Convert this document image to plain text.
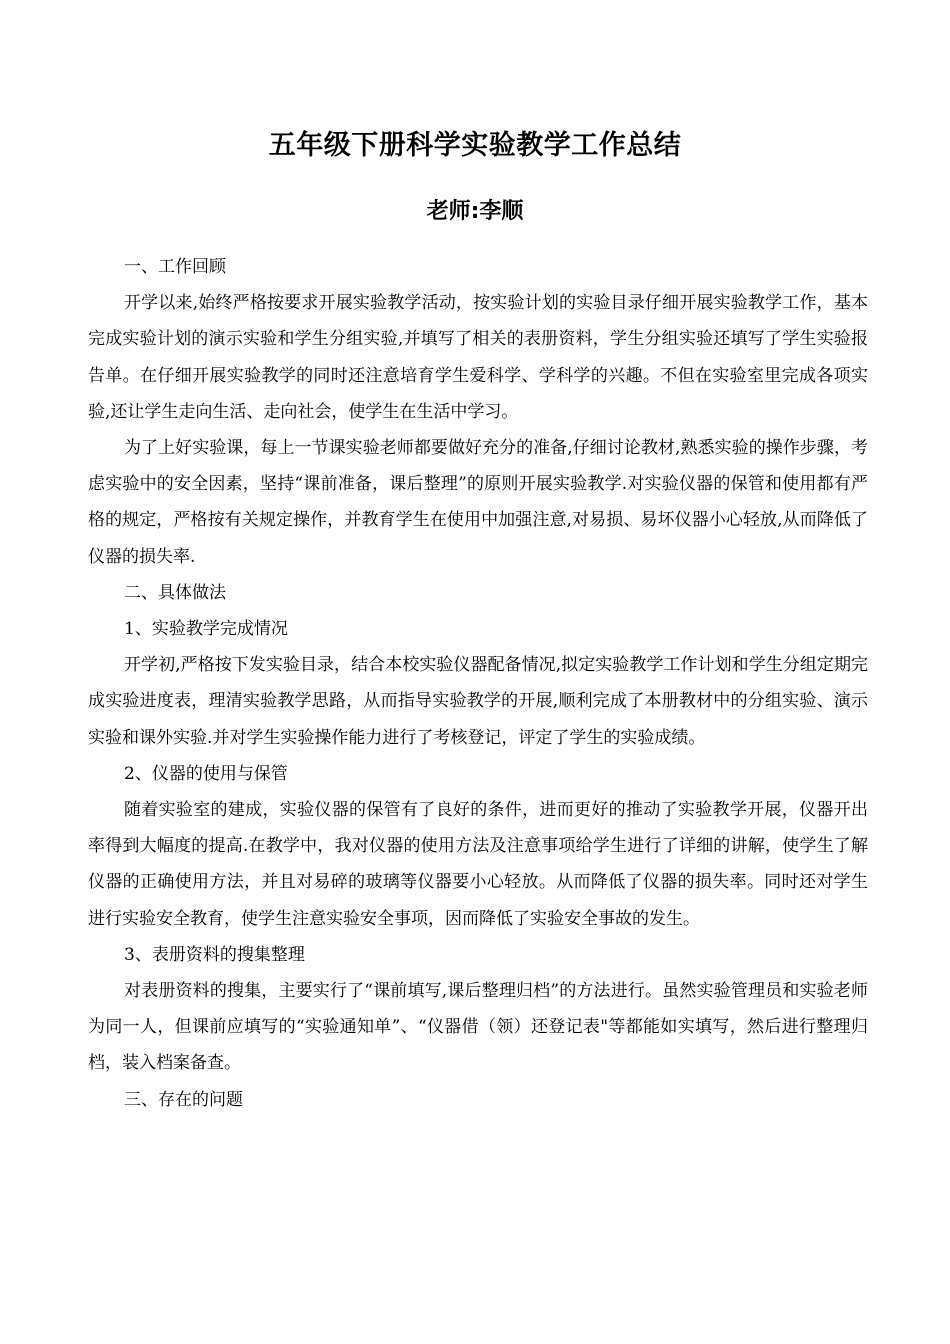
五年级下册科学实验教学工作总结
老师:李顺

一、工作回顾

开学以来,始终严格按要求开展实验教学活动，按实验计划的实验目录仔细开展实验教学工作，基本完成实验计划的演示实验和学生分组实验,并填写了相关的表册资料，学生分组实验还填写了学生实验报告单。在仔细开展实验教学的同时还注意培育学生爱科学、学科学的兴趣。不但在实验室里完成各项实验,还让学生走向生活、走向社会，使学生在生活中学习。

为了上好实验课，每上一节课实验老师都要做好充分的准备,仔细讨论教材,熟悉实验的操作步骤，考虑实验中的安全因素，坚持“课前准备，课后整理”的原则开展实验教学.对实验仪器的保管和使用都有严格的规定，严格按有关规定操作，并教育学生在使用中加强注意,对易损、易坏仪器小心轻放,从而降低了仪器的损失率.

二、具体做法

1、实验教学完成情况

开学初,严格按下发实验目录，结合本校实验仪器配备情况,拟定实验教学工作计划和学生分组定期完成实验进度表，理清实验教学思路，从而指导实验教学的开展,顺利完成了本册教材中的分组实验、演示实验和课外实验.并对学生实验操作能力进行了考核登记，评定了学生的实验成绩。

2、仪器的使用与保管

随着实验室的建成，实验仪器的保管有了良好的条件，进而更好的推动了实验教学开展，仪器开出率得到大幅度的提高.在教学中，我对仪器的使用方法及注意事项给学生进行了详细的讲解，使学生了解仪器的正确使用方法，并且对易碎的玻璃等仪器要小心轻放。从而降低了仪器的损失率。同时还对学生进行实验安全教育，使学生注意实验安全事项，因而降低了实验安全事故的发生。

3、表册资料的搜集整理

对表册资料的搜集，主要实行了“课前填写,课后整理归档”的方法进行。虽然实验管理员和实验老师为同一人，但课前应填写的“实验通知单”、“仪器借（领）还登记表"等都能如实填写，然后进行整理归档，装入档案备查。

三、存在的问题
